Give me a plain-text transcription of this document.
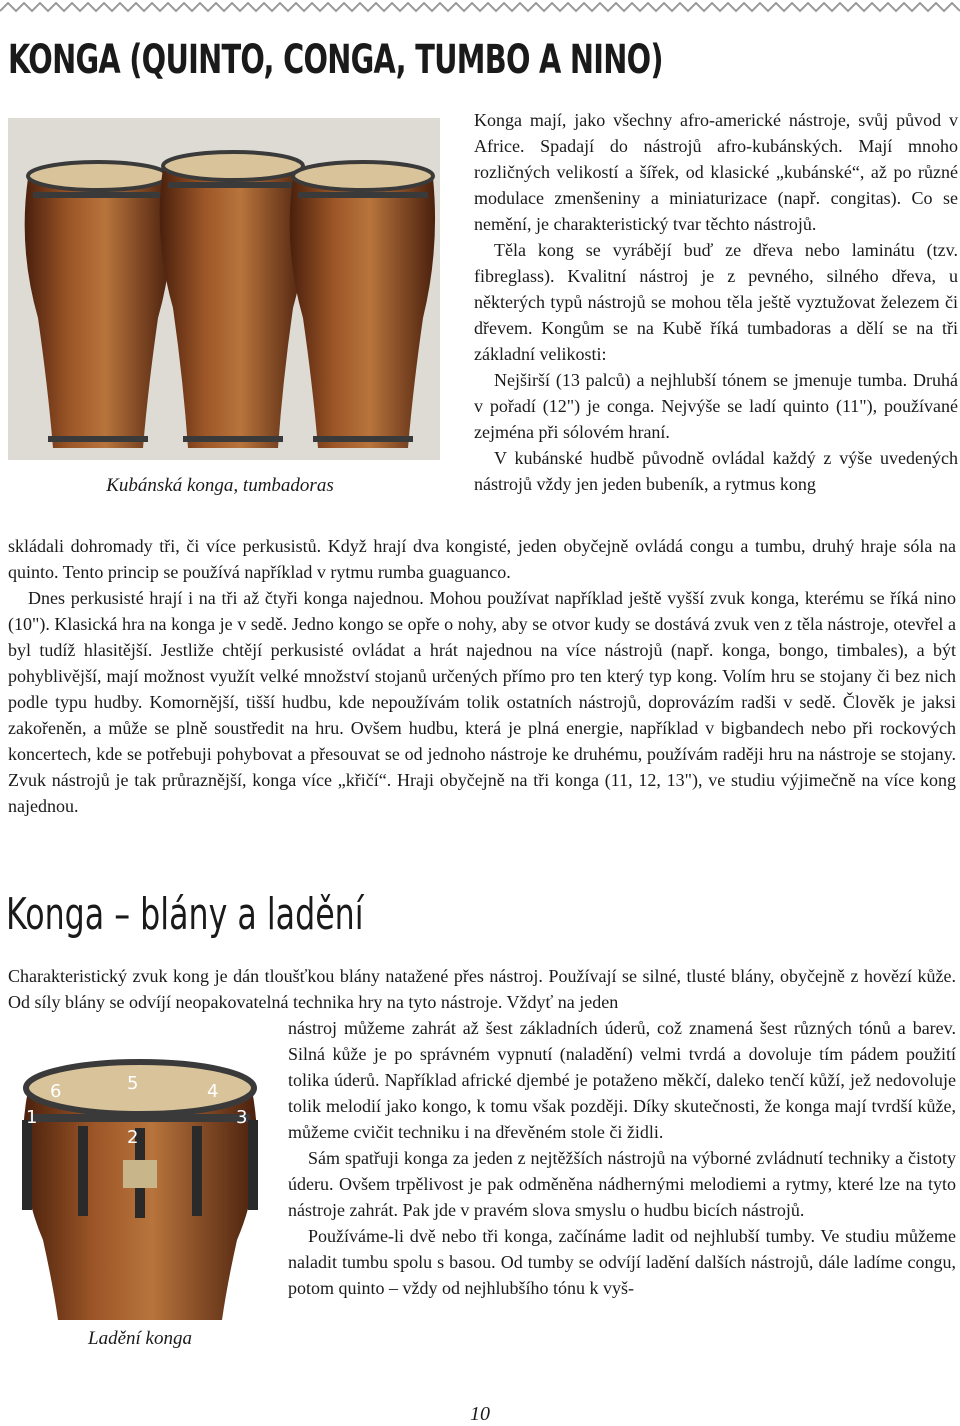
KONGA (QUINTO, CONGA, TUMBO A NINO)
Kubánská konga, tumbadoras

Konga mají, jako všechny afro-americké nástroje, svůj původ v Africe. Spadají do nástrojů afro-kubánských. Mají mnoho rozličných velikostí a šířek, od klasické „kubánské“, až po různé modulace zmenšeniny a miniaturizace (např. congitas). Co se nemění, je charakteristický tvar těchto nástrojů.

Těla kong se vyrábějí buď ze dřeva nebo laminátu (tzv. fibreglass). Kvalitní nástroj je z pevného, silného dřeva, u některých typů nástrojů se mohou těla ještě vyztužovat železem či dřevem. Kongům se na Kubě říká tumbadoras a dělí se na tři základní velikosti:

Nejširší (13 palců) a nejhlubší tónem se jmenuje tumba. Druhá v pořadí (12") je conga. Nejvýše se ladí quinto (11"), používané zejména při sólovém hraní.

V kubánské hudbě původně ovládal každý z výše uvedených nástrojů vždy jen jeden bubeník, a rytmus kong

skládali dohromady tři, či více perkusistů. Když hrají dva kongisté, jeden obyčejně ovládá congu a tumbu, druhý hraje sóla na quinto. Tento princip se používá například v rytmu rumba guaguanco.

Dnes perkusisté hrají i na tři až čtyři konga najednou. Mohou používat například ještě vyšší zvuk konga, kterému se říká nino (10"). Klasická hra na konga je v sedě. Jedno kongo se opře o nohy, aby se otvor kudy se dostává zvuk ven z těla nástroje, otevřel a byl tudíž hlasitější. Jestliže chtějí perkusisté ovládat a hrát najednou na více nástrojů (např. konga, bongo, timbales), a být pohyblivější, mají možnost využít velké množství stojanů určených přímo pro ten který typ kong. Volím hru se stojany či bez nich podle typu hudby. Komornější, tišší hudbu, kde nepoužívám tolik ostatních nástrojů, doprovázím radši v sedě. Člověk je jaksi zakořeněn, a může se plně soustředit na hru. Ovšem hudbu, která je plná energie, například v bigbandech nebo při rockových koncertech, kde se potřebuji pohybovat a přesouvat se od jednoho nástroje ke druhému, používám raději hru na nástroje se stojany. Zvuk nástrojů je tak průraznější, konga více „křičí“. Hraji obyčejně na tři konga (11, 12, 13"), ve studiu výjimečně na více kong najednou.

Konga – blány a ladění

Charakteristický zvuk kong je dán tloušťkou blány natažené přes nástroj. Používají se silné, tlusté blány, obyčejně z hovězí kůže. Od síly blány se odvíjí neopakovatelná technika hry na tyto nástroje. Vždyť na jeden

1
2
3
4
5
6
Ladění konga

nástroj můžeme zahrát až šest základních úderů, což znamená šest různých tónů a barev. Silná kůže je po správném vypnutí (naladění) velmi tvrdá a dovoluje tím pádem použití tolika úderů. Například africké djembé je potaženo měkčí, daleko tenčí kůží, jež nedovoluje tolik melodií jako kongo, k tomu však později. Díky skutečnosti, že konga mají tvrdší kůže, můžeme cvičit techniku i na dřevěném stole či židli.

Sám spatřuji konga za jeden z nejtěžších nástrojů na výborné zvládnutí techniky a čistoty úderu. Ovšem trpělivost je pak odměněna nádhernými melodiemi a rytmy, které lze na tyto nástroje zahrát. Pak jde v pravém slova smyslu o hudbu bicích nástrojů.

Používáme-li dvě nebo tři konga, začínáme ladit od nejhlubší tumby. Ve studiu můžeme naladit tumbu spolu s basou. Od tumby se odvíjí ladění dalších nástrojů, dále ladíme congu, potom quinto – vždy od nejhlubšího tónu k vyš-

10
